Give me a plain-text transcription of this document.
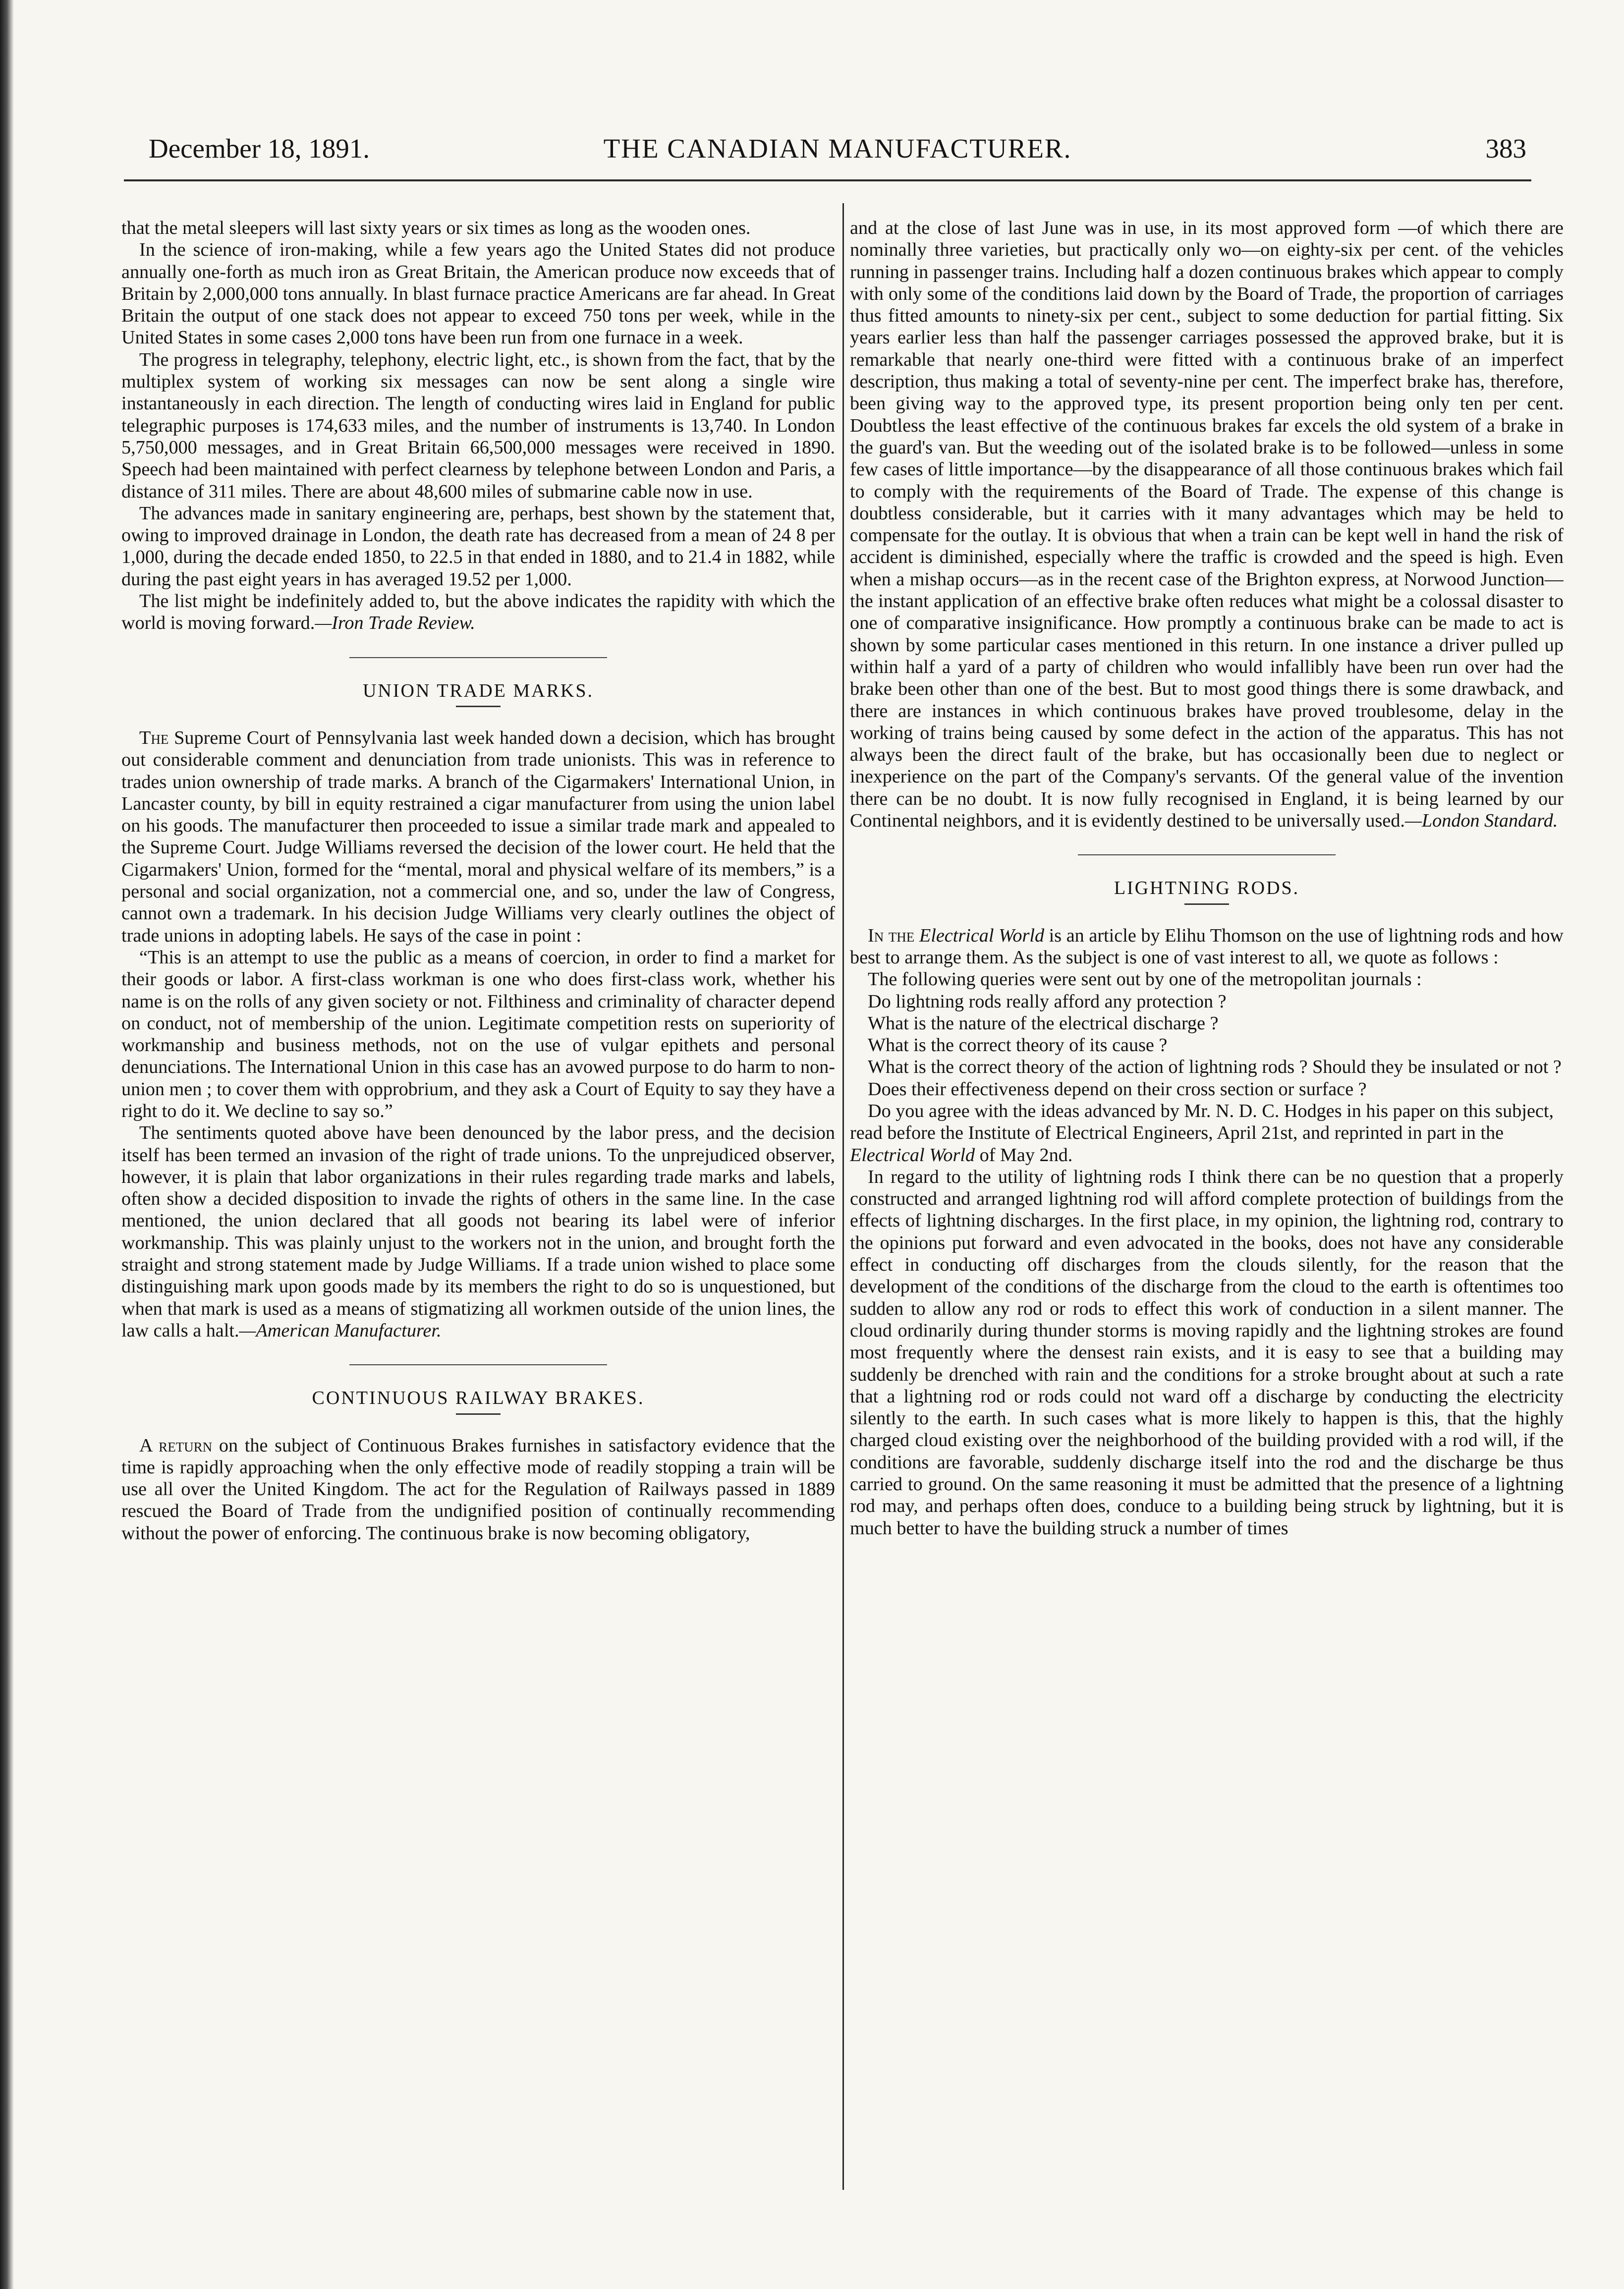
December 18, 1891.	THE CANADIAN MANUFACTURER.	383

that the metal sleepers will last sixty years or six times as long as the wooden ones.

In the science of iron-making, while a few years ago the United States did not produce annually one-forth as much iron as Great Britain, the American produce now exceeds that of Britain by 2,000,000 tons annually. In blast furnace practice Americans are far ahead. In Great Britain the output of one stack does not appear to exceed 750 tons per week, while in the United States in some cases 2,000 tons have been run from one furnace in a week.

The progress in telegraphy, telephony, electric light, etc., is shown from the fact, that by the multiplex system of working six messages can now be sent along a single wire instantaneously in each direction. The length of conducting wires laid in England for public telegraphic purposes is 174,633 miles, and the number of instruments is 13,740. In London 5,750,000 messages, and in Great Britain 66,500,000 messages were received in 1890. Speech had been maintained with perfect clearness by telephone between London and Paris, a distance of 311 miles. There are about 48,600 miles of submarine cable now in use.

The advances made in sanitary engineering are, perhaps, best shown by the statement that, owing to improved drainage in London, the death rate has decreased from a mean of 24 8 per 1,000, during the decade ended 1850, to 22.5 in that ended in 1880, and to 21.4 in 1882, while during the past eight years in has averaged 19.52 per 1,000.

The list might be indefinitely added to, but the above indicates the rapidity with which the world is moving forward.—Iron Trade Review.

UNION TRADE MARKS.

The Supreme Court of Pennsylvania last week handed down a decision, which has brought out considerable comment and denunciation from trade unionists. This was in reference to trades union ownership of trade marks. A branch of the Cigarmakers' International Union, in Lancaster county, by bill in equity restrained a cigar manufacturer from using the union label on his goods. The manufacturer then proceeded to issue a similar trade mark and appealed to the Supreme Court. Judge Williams reversed the decision of the lower court. He held that the Cigarmakers' Union, formed for the “mental, moral and physical welfare of its members,” is a personal and social organization, not a commercial one, and so, under the law of Congress, cannot own a trademark. In his decision Judge Williams very clearly outlines the object of trade unions in adopting labels. He says of the case in point :

“This is an attempt to use the public as a means of coercion, in order to find a market for their goods or labor. A first-class workman is one who does first-class work, whether his name is on the rolls of any given society or not. Filthiness and criminality of character depend on conduct, not of membership of the union. Legitimate competition rests on superiority of workmanship and business methods, not on the use of vulgar epithets and personal denunciations. The International Union in this case has an avowed purpose to do harm to non-union men ; to cover them with opprobrium, and they ask a Court of Equity to say they have a right to do it. We decline to say so.”

The sentiments quoted above have been denounced by the labor press, and the decision itself has been termed an invasion of the right of trade unions. To the unprejudiced observer, however, it is plain that labor organizations in their rules regarding trade marks and labels, often show a decided disposition to invade the rights of others in the same line. In the case mentioned, the union declared that all goods not bearing its label were of inferior workmanship. This was plainly unjust to the workers not in the union, and brought forth the straight and strong statement made by Judge Williams. If a trade union wished to place some distinguishing mark upon goods made by its members the right to do so is unquestioned, but when that mark is used as a means of stigmatizing all workmen outside of the union lines, the law calls a halt.—American Manufacturer.

CONTINUOUS RAILWAY BRAKES.

A return on the subject of Continuous Brakes furnishes in satisfactory evidence that the time is rapidly approaching when the only effective mode of readily stopping a train will be use all over the United Kingdom. The act for the Regulation of Railways passed in 1889 rescued the Board of Trade from the undignified position of continually recommending without the power of enforcing. The continuous brake is now becoming obligatory,

and at the close of last June was in use, in its most approved form —of which there are nominally three varieties, but practically only wo—on eighty-six per cent. of the vehicles running in passenger trains. Including half a dozen continuous brakes which appear to comply with only some of the conditions laid down by the Board of Trade, the proportion of carriages thus fitted amounts to ninety-six per cent., subject to some deduction for partial fitting. Six years earlier less than half the passenger carriages possessed the approved brake, but it is remarkable that nearly one-third were fitted with a continuous brake of an imperfect description, thus making a total of seventy-nine per cent. The imperfect brake has, therefore, been giving way to the approved type, its present proportion being only ten per cent. Doubtless the least effective of the continuous brakes far excels the old system of a brake in the guard's van. But the weeding out of the isolated brake is to be followed—unless in some few cases of little importance—by the disappearance of all those continuous brakes which fail to comply with the requirements of the Board of Trade. The expense of this change is doubtless considerable, but it carries with it many advantages which may be held to compensate for the outlay. It is obvious that when a train can be kept well in hand the risk of accident is diminished, especially where the traffic is crowded and the speed is high. Even when a mishap occurs—as in the recent case of the Brighton express, at Norwood Junction—the instant application of an effective brake often reduces what might be a colossal disaster to one of comparative insignificance. How promptly a continuous brake can be made to act is shown by some particular cases mentioned in this return. In one instance a driver pulled up within half a yard of a party of children who would infallibly have been run over had the brake been other than one of the best. But to most good things there is some drawback, and there are instances in which continuous brakes have proved troublesome, delay in the working of trains being caused by some defect in the action of the apparatus. This has not always been the direct fault of the brake, but has occasionally been due to neglect or inexperience on the part of the Company's servants. Of the general value of the invention there can be no doubt. It is now fully recognised in England, it is being learned by our Continental neighbors, and it is evidently destined to be universally used.—London Standard.

LIGHTNING RODS.

In the Electrical World is an article by Elihu Thomson on the use of lightning rods and how best to arrange them. As the subject is one of vast interest to all, we quote as follows :

The following queries were sent out by one of the metropolitan journals :

Do lightning rods really afford any protection ?

What is the nature of the electrical discharge ?

What is the correct theory of its cause ?

What is the correct theory of the action of lightning rods ? Should they be insulated or not ?

Does their effectiveness depend on their cross section or surface ?

Do you agree with the ideas advanced by Mr. N. D. C. Hodges in his paper on this subject, read before the Institute of Electrical Engineers, April 21st, and reprinted in part in the Electrical World of May 2nd.

In regard to the utility of lightning rods I think there can be no question that a properly constructed and arranged lightning rod will afford complete protection of buildings from the effects of lightning discharges. In the first place, in my opinion, the lightning rod, contrary to the opinions put forward and even advocated in the books, does not have any considerable effect in conducting off discharges from the clouds silently, for the reason that the development of the conditions of the discharge from the cloud to the earth is oftentimes too sudden to allow any rod or rods to effect this work of conduction in a silent manner. The cloud ordinarily during thunder storms is moving rapidly and the lightning strokes are found most frequently where the densest rain exists, and it is easy to see that a building may suddenly be drenched with rain and the conditions for a stroke brought about at such a rate that a lightning rod or rods could not ward off a discharge by conducting the electricity silently to the earth. In such cases what is more likely to happen is this, that the highly charged cloud existing over the neighborhood of the building provided with a rod will, if the conditions are favorable, suddenly discharge itself into the rod and the discharge be thus carried to ground. On the same reasoning it must be admitted that the presence of a lightning rod may, and perhaps often does, conduce to a building being struck by lightning, but it is much better to have the building struck a number of times
